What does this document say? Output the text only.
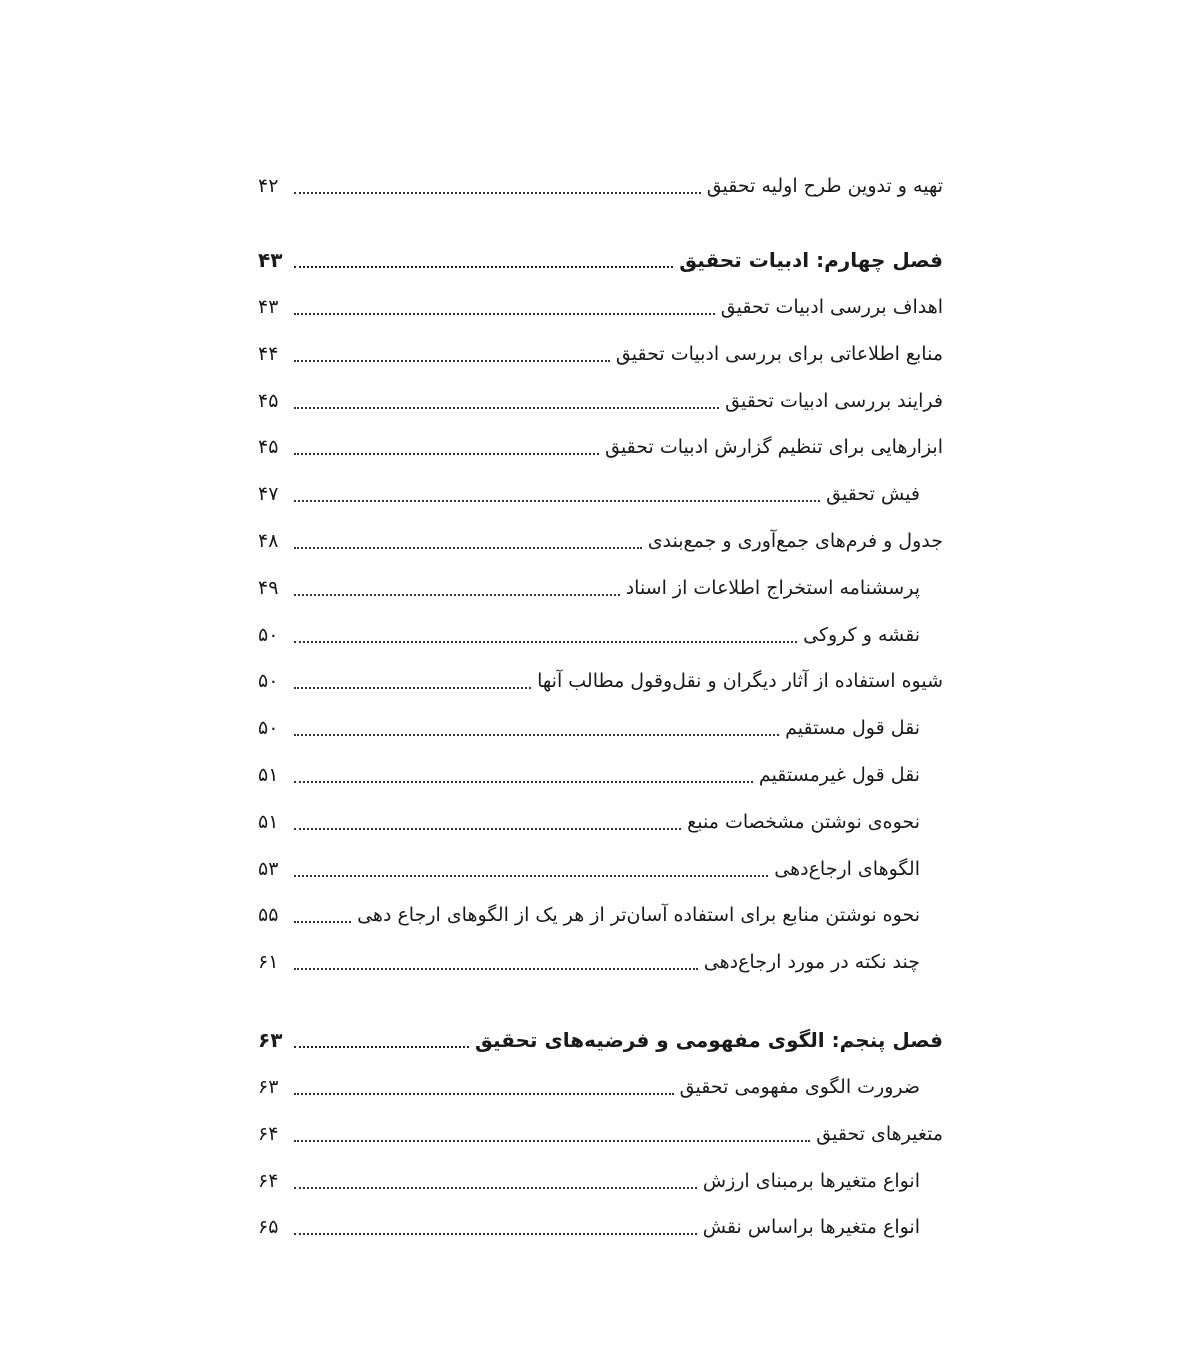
تهیه و تدوین طرح اولیه تحقیق
۴۲
فصل چهارم: ادبیات تحقیق
۴۳
اهداف بررسی ادبیات تحقیق
۴۳
منابع اطلاعاتی برای بررسی ادبیات تحقیق
۴۴
فرایند بررسی ادبیات تحقیق
۴۵
ابزارهایی برای تنظیم گزارش ادبیات تحقیق
۴۵
فیش تحقیق
۴۷
جدول و فرم‌های جمع‌آوری و جمع‌بندی
۴۸
پرسشنامه استخراج اطلاعات از اسناد
۴۹
نقشه و کروکی
۵۰
شیوه استفاده از آثار دیگران و نقل‌وقول مطالب آنها
۵۰
نقل قول مستقیم
۵۰
نقل قول غیرمستقیم
۵۱
نحوه‌ی نوشتن مشخصات منبع
۵۱
الگوهای ارجاع‌دهی
۵۳
نحوه نوشتن منابع برای استفاده آسان‌تر از هر یک از الگوهای ارجاع دهی
۵۵
چند نکته در مورد ارجاع‌دهی
۶۱
فصل پنجم: الگوی مفهومی و فرضیه‌های تحقیق
۶۳
ضرورت الگوی مفهومی تحقیق
۶۳
متغیرهای تحقیق
۶۴
انواع متغیرها برمبنای ارزش
۶۴
انواع متغیرها براساس نقش
۶۵
